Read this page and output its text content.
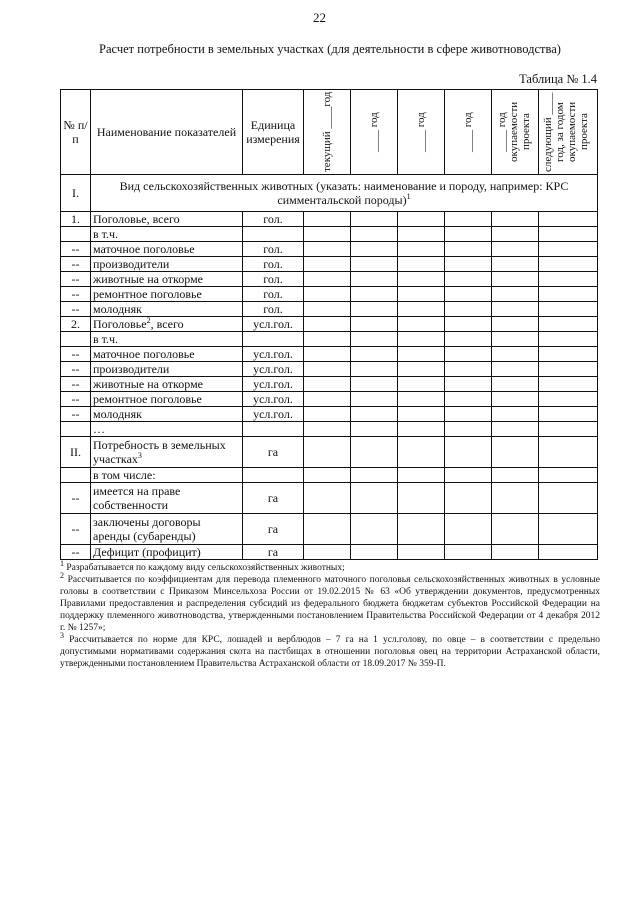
22
Расчет потребности в земельных участках (для деятельности в сфере животноводства)
Таблица № 1.4
№ п/п	Наименование показателей	Единица измерения	текущий ____год	____ год	____ год	____ год	____ год окупаемости проекта	следующий ____ год, за годом окупаемости проекта

I.	Вид сельскохозяйственных животных (указать: наименование и породу, например: КРС симментальской породы)$^1$
1.	Поголовье, всего	гол.						
	в т.ч.							
--	маточное поголовье	гол.						
--	производители	гол.						
--	животные на откорме	гол.						
--	ремонтное поголовье	гол.						
--	молодняк	гол.						
2.	Поголовье$^2$, всего	усл.гол.						
	в т.ч.							
--	маточное поголовье	усл.гол.						
--	производители	усл.гол.						
--	животные на откорме	усл.гол.						
--	ремонтное поголовье	усл.гол.						
--	молодняк	усл.гол.						
	…							
II.	Потребность в земельных участках$^3$	га						
	в том числе:							
--	имеется на праве собственности	га						
--	заключены договоры аренды (субаренды)	га						
--	Дефицит (профицит)	га						

$^1$ Разрабатывается по каждому виду сельскохозяйственных животных;

$^2$ Рассчитывается по коэффициентам для перевода племенного маточного поголовья сельскохозяйственных животных в условные головы в соответствии с Приказом Минсельхоза России от 19.02.2015 № 63 «Об утверждении документов, предусмотренных Правилами предоставления и распределения субсидий из федерального бюджета бюджетам субъектов Российской Федерации на поддержку племенного животноводства, утвержденными постановлением Правительства Российской Федерации от 4 декабря 2012 г. № 1257»;

$^3$ Рассчитывается по норме для КРС, лошадей и верблюдов – 7 га на 1 усл.голову, по овце – в соответствии с предельно допустимыми нормативами содержания скота на пастбищах в отношении поголовья овец на территории Астраханской области, утвержденными постановлением Правительства Астраханской области от 18.09.2017 № 359-П.
